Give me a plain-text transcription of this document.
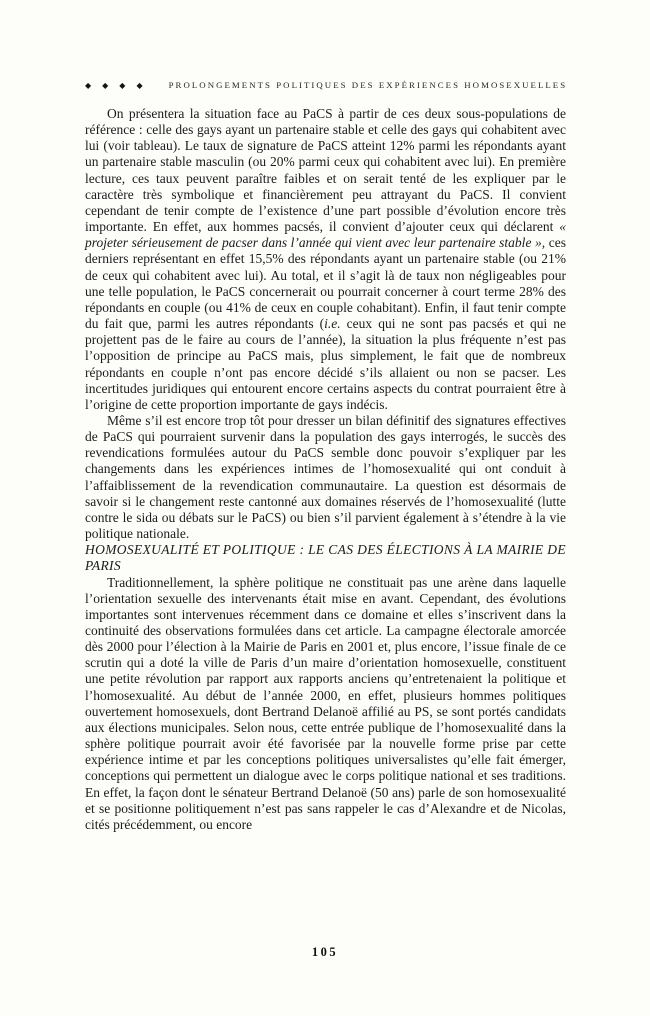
◆ ◆ ◆ ◆	PROLONGEMENTS POLITIQUES DES EXPÉRIENCES HOMOSEXUELLES

On présentera la situation face au PaCS à partir de ces deux sous-populations de référence : celle des gays ayant un partenaire stable et celle des gays qui cohabitent avec lui (voir tableau). Le taux de signature de PaCS atteint 12% parmi les répondants ayant un partenaire stable masculin (ou 20% parmi ceux qui cohabitent avec lui). En première lecture, ces taux peuvent paraître faibles et on serait tenté de les expliquer par le caractère très symbolique et financièrement peu attrayant du PaCS. Il convient cependant de tenir compte de l’existence d’une part possible d’évolution encore très importante. En effet, aux hommes pacsés, il convient d’ajouter ceux qui déclarent « projeter sérieusement de pacser dans l’année qui vient avec leur partenaire stable », ces derniers représentant en effet 15,5% des répondants ayant un partenaire stable (ou 21% de ceux qui cohabitent avec lui). Au total, et il s’agit là de taux non négligeables pour une telle population, le PaCS concernerait ou pourrait concerner à court terme 28% des répondants en couple (ou 41% de ceux en couple cohabitant). Enfin, il faut tenir compte du fait que, parmi les autres répondants (i.e. ceux qui ne sont pas pacsés et qui ne projettent pas de le faire au cours de l’année), la situation la plus fréquente n’est pas l’opposition de principe au PaCS mais, plus simplement, le fait que de nombreux répondants en couple n’ont pas encore décidé s’ils allaient ou non se pacser. Les incertitudes juridiques qui entourent encore certains aspects du contrat pourraient être à l’origine de cette proportion importante de gays indécis.

Même s’il est encore trop tôt pour dresser un bilan définitif des signatures effectives de PaCS qui pourraient survenir dans la population des gays interrogés, le succès des revendications formulées autour du PaCS semble donc pouvoir s’expliquer par les changements dans les expériences intimes de l’homosexualité qui ont conduit à l’affaiblissement de la revendication communautaire. La question est désormais de savoir si le changement reste cantonné aux domaines réservés de l’homosexualité (lutte contre le sida ou débats sur le PaCS) ou bien s’il parvient également à s’étendre à la vie politique nationale.

HOMOSEXUALITÉ ET POLITIQUE : LE CAS DES ÉLECTIONS À LA MAIRIE DE PARIS

Traditionnellement, la sphère politique ne constituait pas une arène dans laquelle l’orientation sexuelle des intervenants était mise en avant. Cependant, des évolutions importantes sont intervenues récemment dans ce domaine et elles s’inscrivent dans la continuité des observations formulées dans cet article. La campagne électorale amorcée dès 2000 pour l’élection à la Mairie de Paris en 2001 et, plus encore, l’issue finale de ce scrutin qui a doté la ville de Paris d’un maire d’orientation homosexuelle, constituent une petite révolution par rapport aux rapports anciens qu’entretenaient la politique et l’homosexualité. Au début de l’année 2000, en effet, plusieurs hommes politiques ouvertement homosexuels, dont Bertrand Delanoë affilié au PS, se sont portés candidats aux élections municipales. Selon nous, cette entrée publique de l’homosexualité dans la sphère politique pourrait avoir été favorisée par la nouvelle forme prise par cette expérience intime et par les conceptions politiques universalistes qu’elle fait émerger, conceptions qui permettent un dialogue avec le corps politique national et ses traditions. En effet, la façon dont le sénateur Bertrand Delanoë (50 ans) parle de son homosexualité et se positionne politiquement n’est pas sans rappeler le cas d’Alexandre et de Nicolas, cités précédemment, ou encore

105
